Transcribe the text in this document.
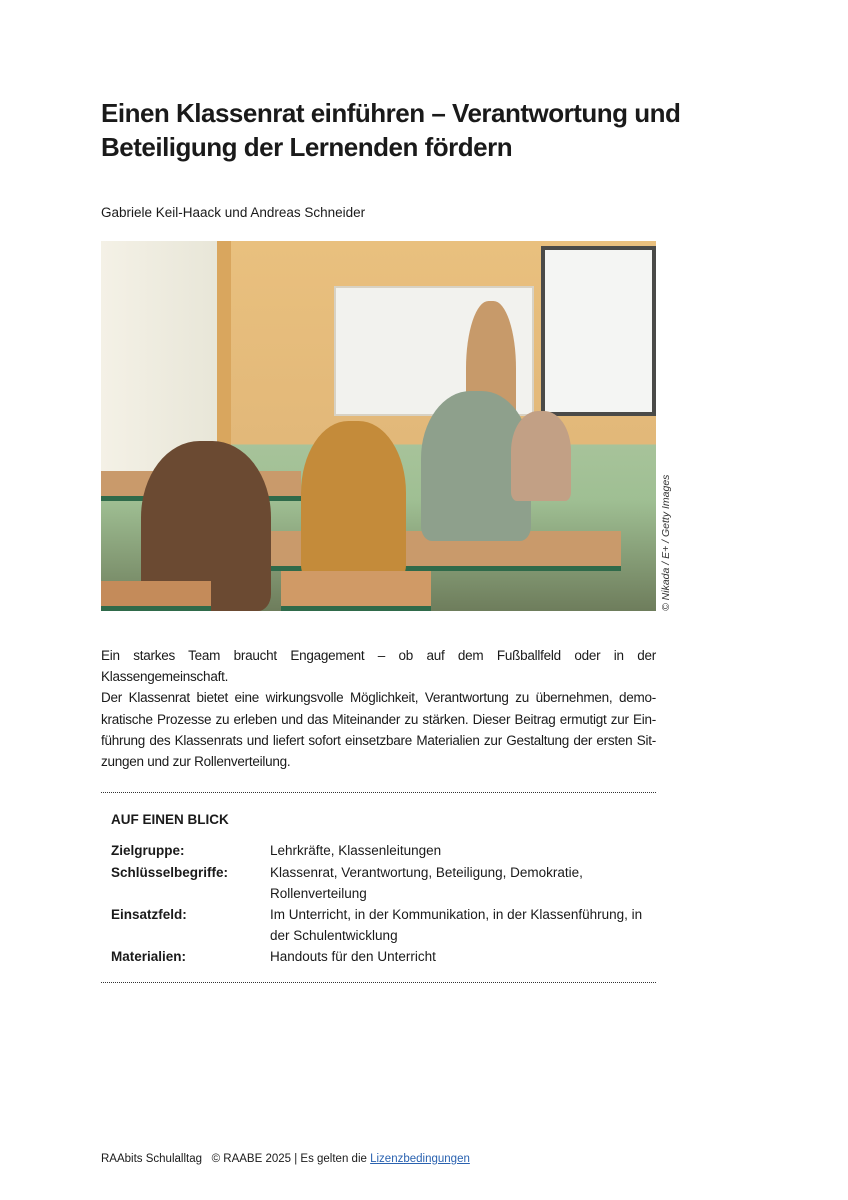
Einen Klassenrat einführen – Verantwortung und Beteiligung der Lernenden fördern
Gabriele Keil-Haack und Andreas Schneider
© Nikada / E+ / Getty Images
Ein starkes Team braucht Engagement – ob auf dem Fußballfeld oder in der Klassengemeinschaft.
Der Klassenrat bietet eine wirkungsvolle Möglichkeit, Verantwortung zu übernehmen, demo-
kratische Prozesse zu erleben und das Miteinander zu stärken. Dieser Beitrag ermutigt zur Ein-
führung des Klassenrats und liefert sofort einsetzbare Materialien zur Gestaltung der ersten Sit-
zungen und zur Rollenverteilung.
AUF EINEN BLICK
Zielgruppe:	Lehrkräfte, Klassenleitungen
Schlüsselbegriffe:	Klassenrat, Verantwortung, Beteiligung, Demokratie, Rollenverteilung
Einsatzfeld:	Im Unterricht, in der Kommunikation, in der Klassenführung, in der Schulentwicklung
Materialien:	Handouts für den Unterricht
RAAbits Schulalltag © RAABE 2025 | Es gelten die Lizenzbedingungen
